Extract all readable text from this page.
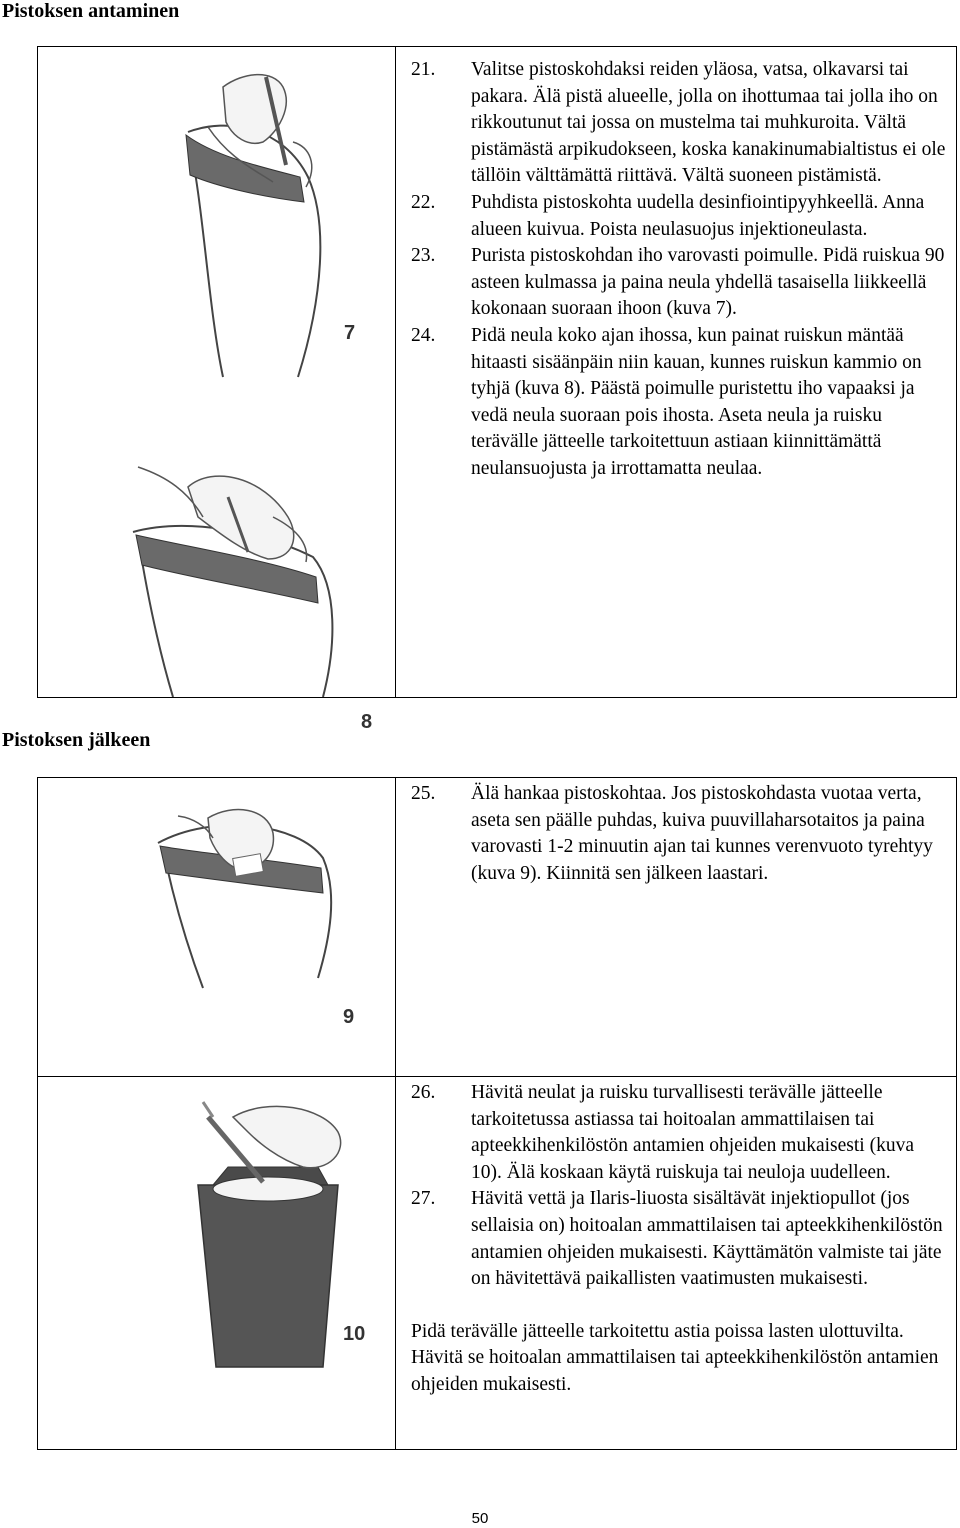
Pistoksen antaminen
7
8
21.	Valitse pistoskohdaksi reiden yläosa, vatsa, olkavarsi tai pakara. Älä pistä alueelle, jolla on ihottumaa tai jolla iho on rikkoutunut tai jossa on mustelma tai muhkuroita. Vältä pistämästä arpikudokseen, koska kanakinumabialtistus ei ole tällöin välttämättä riittävä. Vältä suoneen pistämistä.
22.	Puhdista pistoskohta uudella desinfiointipyyhkeellä. Anna alueen kuivua. Poista neulasuojus injektioneulasta.
23.	Purista pistoskohdan iho varovasti poimulle. Pidä ruiskua 90 asteen kulmassa ja paina neula yhdellä tasaisella liikkeellä kokonaan suoraan ihoon (kuva 7).
24.	Pidä neula koko ajan ihossa, kun painat ruiskun mäntää hitaasti sisäänpäin niin kauan, kunnes ruiskun kammio on tyhjä (kuva 8). Päästä poimulle puristettu iho vapaaksi ja vedä neula suoraan pois ihosta. Aseta neula ja ruisku terävälle jätteelle tarkoitettuun astiaan kiinnittämättä neulansuojusta ja irrottamatta neulaa.
Pistoksen jälkeen
9
25.	Älä hankaa pistoskohtaa. Jos pistoskohdasta vuotaa verta, aseta sen päälle puhdas, kuiva puuvillaharsotaitos ja paina varovasti 1-2 minuutin ajan tai kunnes verenvuoto tyrehtyy (kuva 9). Kiinnitä sen jälkeen laastari.
10
26.	Hävitä neulat ja ruisku turvallisesti terävälle jätteelle tarkoitetussa astiassa tai hoitoalan ammattilaisen tai apteekkihenkilöstön antamien ohjeiden mukaisesti (kuva 10). Älä koskaan käytä ruiskuja tai neuloja uudelleen.
27.	Hävitä vettä ja Ilaris-liuosta sisältävät injektiopullot (jos sellaisia on) hoitoalan ammattilaisen tai apteekkihenkilöstön antamien ohjeiden mukaisesti. Käyttämätön valmiste tai jäte on hävitettävä paikallisten vaatimusten mukaisesti.
Pidä terävälle jätteelle tarkoitettu astia poissa lasten ulottuvilta. Hävitä se hoitoalan ammattilaisen tai apteekkihenkilöstön antamien ohjeiden mukaisesti.
50
